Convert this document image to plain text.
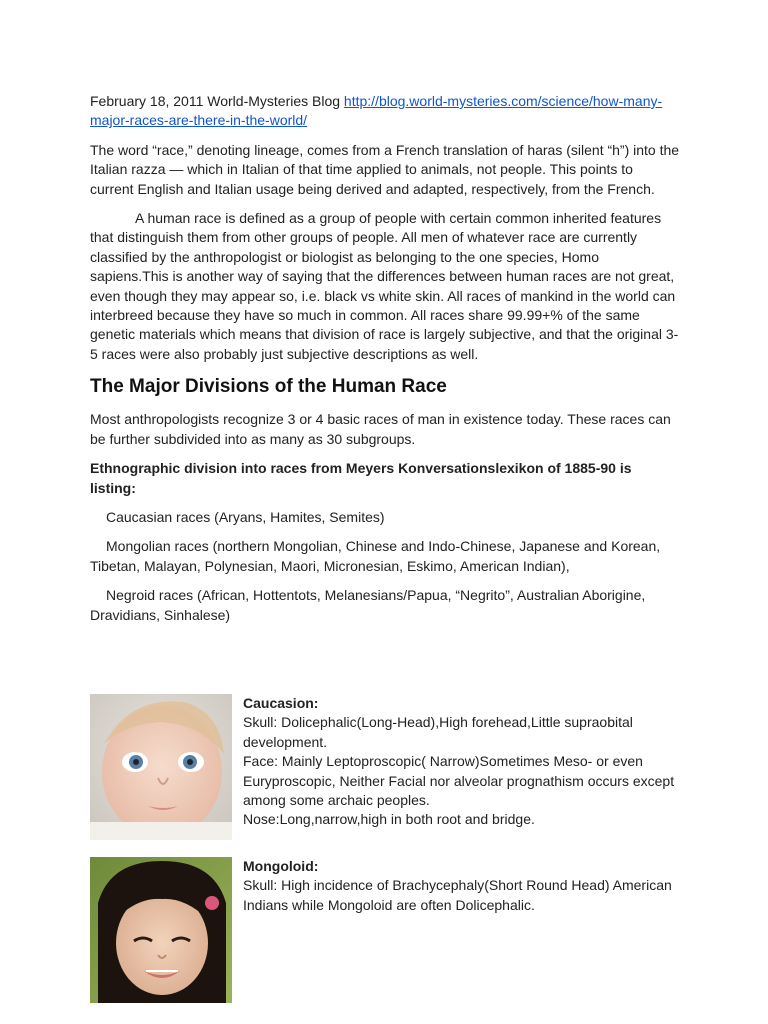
February 18, 2011 World-Mysteries Blog http://blog.world-mysteries.com/science/how-many-major-races-are-there-in-the-world/

The word “race,” denoting lineage, comes from a French translation of haras (silent “h”) into the Italian razza — which in Italian of that time applied to animals, not people. This points to current English and Italian usage being derived and adapted, respectively, from the French.

A human race is defined as a group of people with certain common inherited features that distinguish them from other groups of people. All men of whatever race are currently classified by the anthropologist or biologist as belonging to the one species, Homo sapiens.This is another way of saying that the differences between human races are not great, even though they may appear so, i.e. black vs white skin. All races of mankind in the world can interbreed because they have so much in common. All races share 99.99+% of the same genetic materials which means that division of race is largely subjective, and that the original 3-5 races were also probably just subjective descriptions as well.

The Major Divisions of the Human Race

Most anthropologists recognize 3 or 4 basic races of man in existence today. These races can be further subdivided into as many as 30 subgroups.

Ethnographic division into races from Meyers Konversationslexikon of 1885-90 is listing:

Caucasian races (Aryans, Hamites, Semites)

Mongolian races (northern Mongolian, Chinese and Indo-Chinese, Japanese and Korean, Tibetan, Malayan, Polynesian, Maori, Micronesian, Eskimo, American Indian),

Negroid races (African, Hottentots, Melanesians/Papua, “Negrito”, Australian Aborigine, Dravidians, Sinhalese)

Caucasion:

Skull: Dolicephalic(Long-Head),High forehead,Little supraobital development.

Face: Mainly Leptoproscopic( Narrow)Sometimes Meso- or even Euryproscopic, Neither Facial nor alveolar prognathism occurs except among some archaic peoples.

Nose:Long,narrow,high in both root and bridge.

Mongoloid:

Skull: High incidence of Brachycephaly(Short Round Head) American Indians while Mongoloid are often Dolicephalic.
